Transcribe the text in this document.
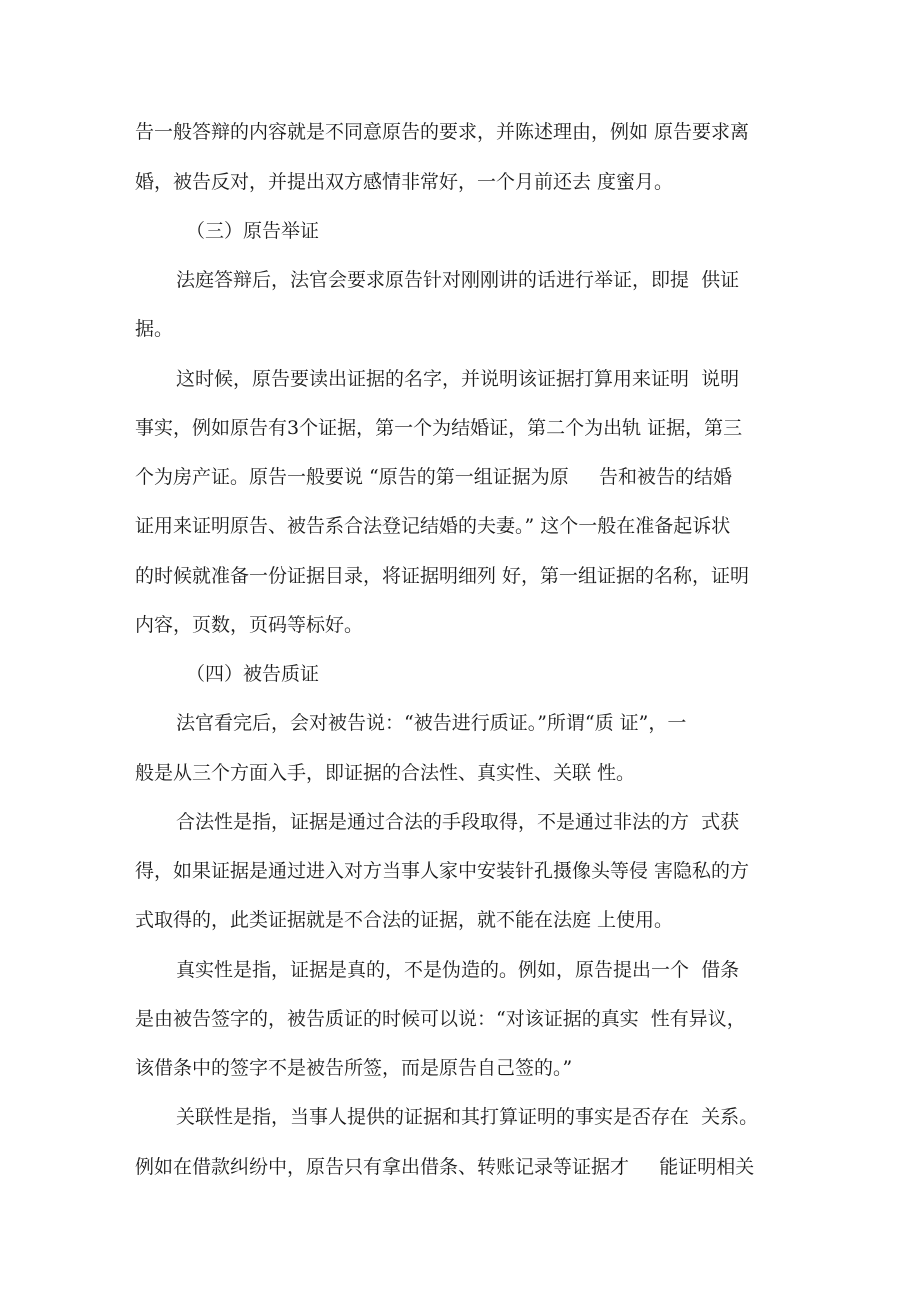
告一般答辩的内容就是不同意原告的要求，并陈述理由，例如 原告要求离
婚，被告反对，并提出双方感情非常好，一个月前还去 度蜜月。
（三）原告举证
法庭答辩后，法官会要求原告针对刚刚讲的话进行举证，即提  供证
据。
这时候，原告要读出证据的名字，并说明该证据打算用来证明  说明
事实，例如原告有3个证据，第一个为结婚证，第二个为出轨 证据，第三
个为房产证。原告一般要说 “原告的第一组证据为原     告和被告的结婚
证用来证明原告、被告系合法登记结婚的夫妻。” 这个一般在准备起诉状
的时候就准备一份证据目录，将证据明细列 好，第一组证据的名称，证明
内容，页数，页码等标好。
（四）被告质证
法官看完后，会对被告说：“被告进行质证。”所谓“质 证”，一
般是从三个方面入手，即证据的合法性、真实性、关联 性。
合法性是指，证据是通过合法的手段取得，不是通过非法的方  式获
得，如果证据是通过进入对方当事人家中安装针孔摄像头等侵 害隐私的方
式取得的，此类证据就是不合法的证据，就不能在法庭 上使用。
真实性是指，证据是真的，不是伪造的。例如，原告提出一个  借条
是由被告签字的，被告质证的时候可以说：“对该证据的真实  性有异议，
该借条中的签字不是被告所签，而是原告自己签的。”
关联性是指，当事人提供的证据和其打算证明的事实是否存在  关系。
例如在借款纠纷中，原告只有拿出借条、转账记录等证据才     能证明相关
